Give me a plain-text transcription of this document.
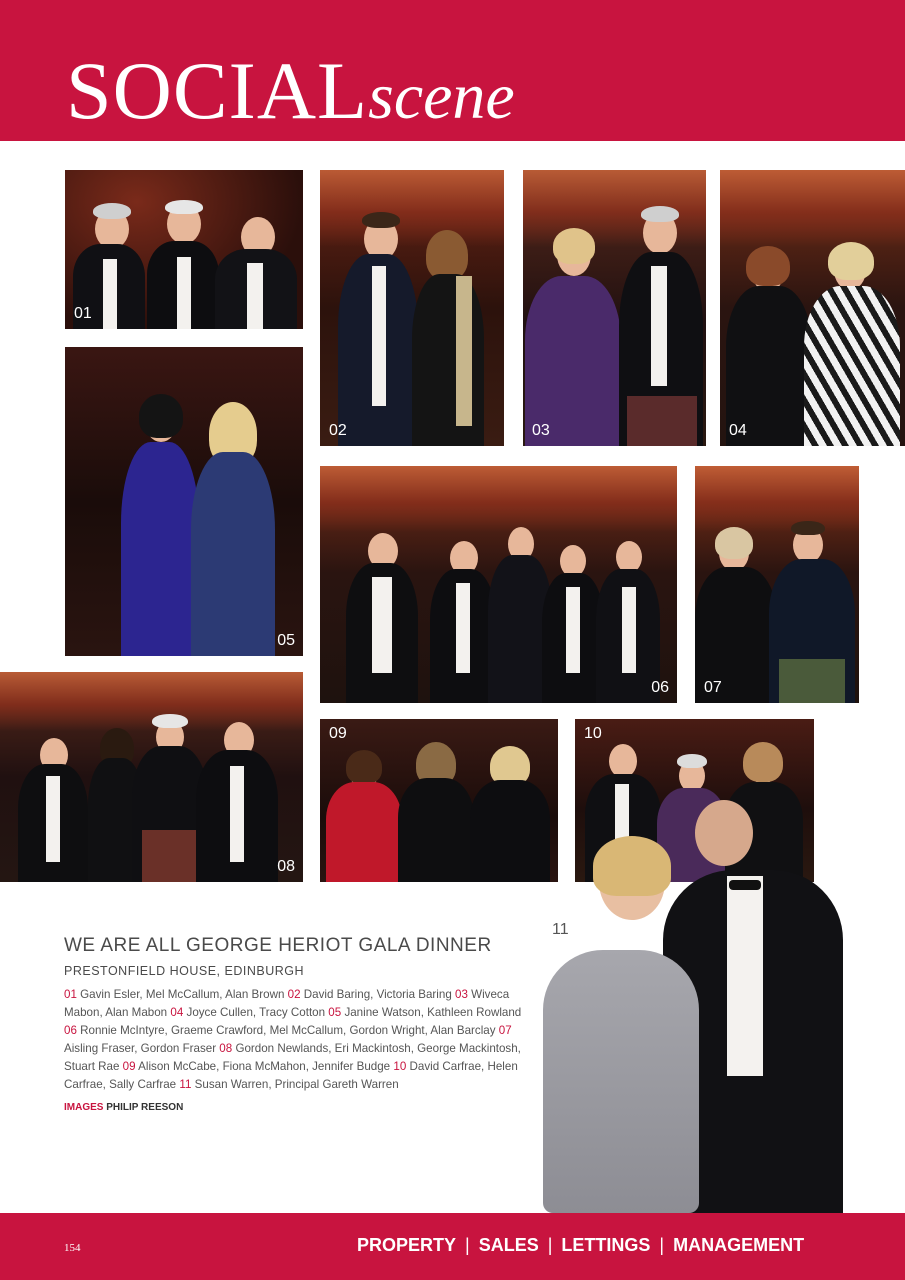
SOCIALscene
01
02	03	04
05
06 07
08
09	10
11
WE ARE ALL GEORGE HERIOT GALA DINNER
PRESTONFIELD HOUSE, EDINBURGH
01 Gavin Esler, Mel McCallum, Alan Brown 02 David Baring, Victoria Baring 03 Wiveca Mabon, Alan Mabon 04 Joyce Cullen, Tracy Cotton 05 Janine Watson, Kathleen Rowland 06 Ronnie McIntyre, Graeme Crawford, Mel McCallum, Gordon Wright, Alan Barclay 07 Aisling Fraser, Gordon Fraser 08 Gordon Newlands, Eri Mackintosh, George Mackintosh, Stuart Rae 09 Alison McCabe, Fiona McMahon, Jennifer Budge 10 David Carfrae, Helen Carfrae, Sally Carfrae 11 Susan Warren, Principal Gareth Warren
IMAGES PHILIP REESON
154	PROPERTY | SALES | LETTINGS | MANAGEMENT
